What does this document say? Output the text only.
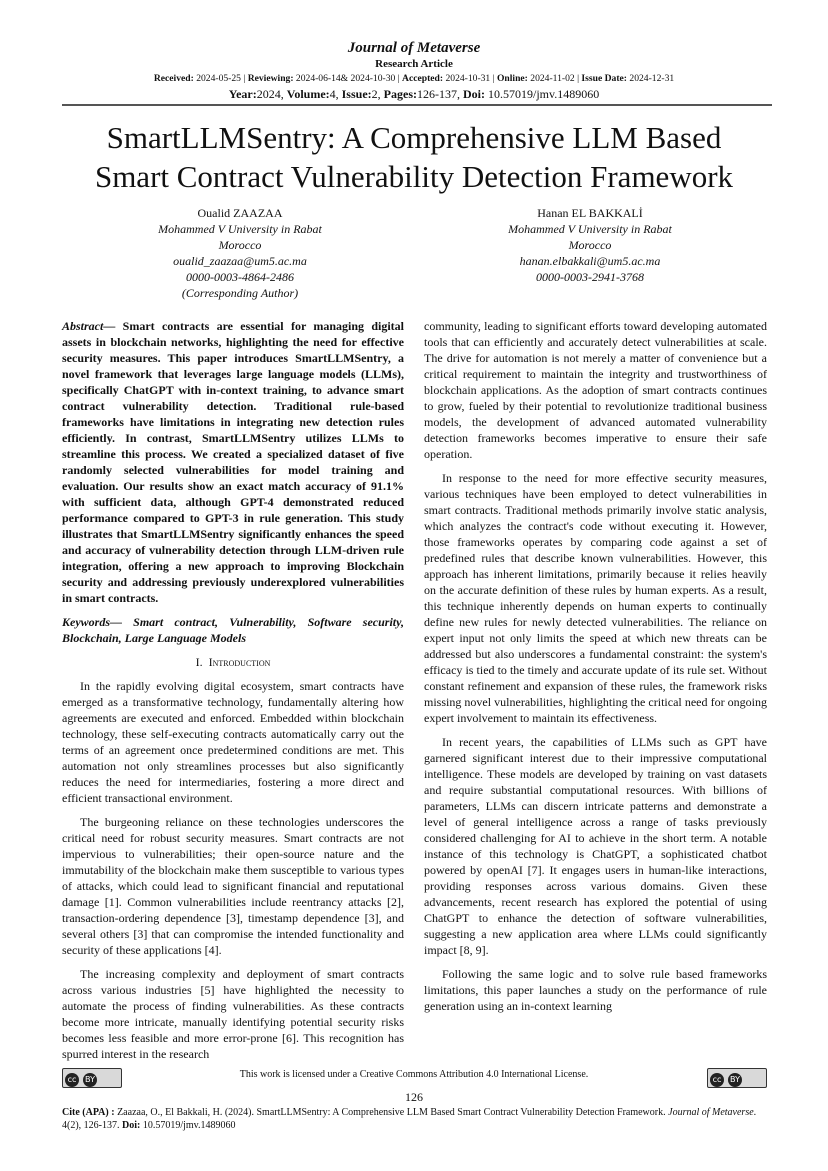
Journal of Metaverse
Research Article
Received: 2024-05-25 | Reviewing: 2024-06-14& 2024-10-30 | Accepted: 2024-10-31 | Online: 2024-11-02 | Issue Date: 2024-12-31
Year:2024, Volume:4, Issue:2, Pages:126-137, Doi: 10.57019/jmv.1489060
SmartLLMSentry: A Comprehensive LLM Based
Smart Contract Vulnerability Detection Framework
Oualid ZAAZAA
Mohammed V University in Rabat
Morocco
oualid_zaazaa@um5.ac.ma
0000-0003-4864-2486
(Corresponding Author)
Hanan EL BAKKALİ
Mohammed V University in Rabat
Morocco
hanan.elbakkali@um5.ac.ma
0000-0003-2941-3768

Abstract— Smart contracts are essential for managing digital assets in blockchain networks, highlighting the need for effective security measures. This paper introduces SmartLLMSentry, a novel framework that leverages large language models (LLMs), specifically ChatGPT with in-context training, to advance smart contract vulnerability detection. Traditional rule-based frameworks have limitations in integrating new detection rules efficiently. In contrast, SmartLLMSentry utilizes LLMs to streamline this process. We created a specialized dataset of five randomly selected vulnerabilities for model training and evaluation. Our results show an exact match accuracy of 91.1% with sufficient data, although GPT-4 demonstrated reduced performance compared to GPT-3 in rule generation. This study illustrates that SmartLLMSentry significantly enhances the speed and accuracy of vulnerability detection through LLM-driven rule integration, offering a new approach to improving Blockchain security and addressing previously underexplored vulnerabilities in smart contracts.

Keywords— Smart contract, Vulnerability, Software security, Blockchain, Large Language Models

I. Introduction

In the rapidly evolving digital ecosystem, smart contracts have emerged as a transformative technology, fundamentally altering how agreements are executed and enforced. Embedded within blockchain technology, these self-executing contracts automatically carry out the terms of an agreement once predetermined conditions are met. This automation not only streamlines processes but also significantly reduces the need for intermediaries, fostering a more direct and efficient transactional environment.

The burgeoning reliance on these technologies underscores the critical need for robust security measures. Smart contracts are not impervious to vulnerabilities; their open-source nature and the immutability of the blockchain make them susceptible to various types of attacks, which could lead to significant financial and reputational damage [1]. Common vulnerabilities include reentrancy attacks [2], transaction-ordering dependence [3], timestamp dependence [3], and several others [3] that can compromise the intended functionality and security of these applications [4].

The increasing complexity and deployment of smart contracts across various industries [5] have highlighted the necessity to automate the process of finding vulnerabilities. As these contracts become more intricate, manually identifying potential security risks becomes less feasible and more error-prone [6]. This recognition has spurred interest in the research

community, leading to significant efforts toward developing automated tools that can efficiently and accurately detect vulnerabilities at scale. The drive for automation is not merely a matter of convenience but a critical requirement to maintain the integrity and trustworthiness of blockchain applications. As the adoption of smart contracts continues to grow, fueled by their potential to revolutionize traditional business models, the development of advanced automated vulnerability detection frameworks becomes imperative to ensure their safe operation.

In response to the need for more effective security measures, various techniques have been employed to detect vulnerabilities in smart contracts. Traditional methods primarily involve static analysis, which analyzes the contract's code without executing it. However, those frameworks operates by comparing code against a set of predefined rules that describe known vulnerabilities. However, this approach has inherent limitations, primarily because it relies heavily on the accurate definition of these rules by human experts. As a result, this technique inherently depends on human experts to continually define new rules for newly detected vulnerabilities. The reliance on expert input not only limits the speed at which new threats can be addressed but also underscores a fundamental constraint: the system's efficacy is tied to the timely and accurate update of its rule set. Without constant refinement and expansion of these rules, the framework risks missing novel vulnerabilities, highlighting the critical need for ongoing expert involvement to maintain its effectiveness.

In recent years, the capabilities of LLMs such as GPT have garnered significant interest due to their impressive computational intelligence. These models are developed by training on vast datasets and require substantial computational resources. With billions of parameters, LLMs can discern intricate patterns and demonstrate a level of general intelligence across a range of tasks previously considered challenging for AI to achieve in the short term. A notable instance of this technology is ChatGPT, a sophisticated chatbot powered by openAI [7]. It engages users in human-like interactions, providing responses across various domains. Given these advancements, recent research has explored the potential of using ChatGPT to enhance the detection of software vulnerabilities, suggesting a new application area where LLMs could significantly impact [8, 9].

Following the same logic and to solve rule based frameworks limitations, this paper launches a study on the performance of rule generation using an in-context learning

cc BY	This work is licensed under a Creative Commons Attribution 4.0 International License.	cc BY
126
Cite (APA) : Zaazaa, O., El Bakkali, H. (2024). SmartLLMSentry: A Comprehensive LLM Based Smart Contract Vulnerability Detection Framework. Journal of Metaverse. 4(2), 126-137. Doi: 10.57019/jmv.1489060
